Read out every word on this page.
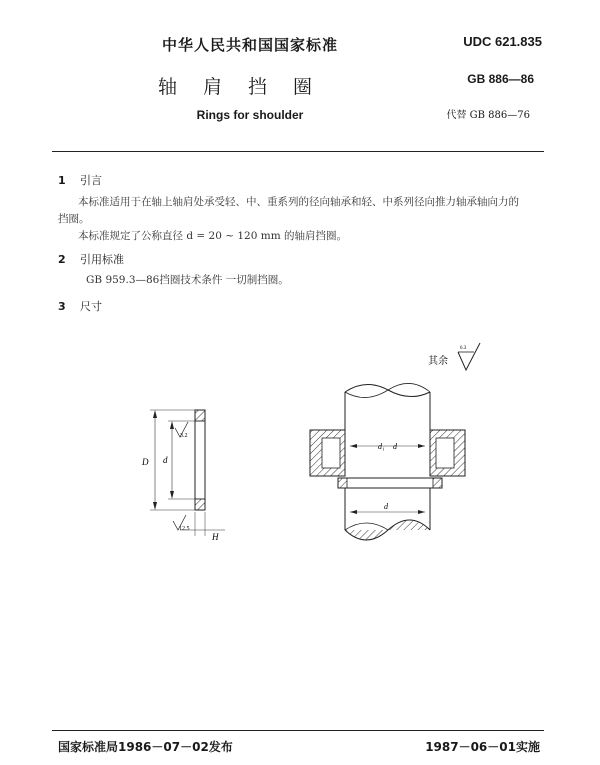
中华人民共和国国家标准	UDC 621.835
轴 肩 挡 圈	GB 886—86
Rings for shoulder	代替 GB 886—76
1 引言
本标准适用于在轴上轴肩处承受轻、中、重系列的径向轴承和轻、中系列径向推力轴承轴向力的
挡圈。
本标准规定了公称直径 d = 20 ~ 120 mm 的轴肩挡圈。
2 引用标准
GB 959.3—86挡圈技术条件 一切制挡圈。
3 尺寸
其余
6.3
D d
H
3.2
12.5
d₁ d
d
国家标准局1986－07－02发布	1987－06－01实施
